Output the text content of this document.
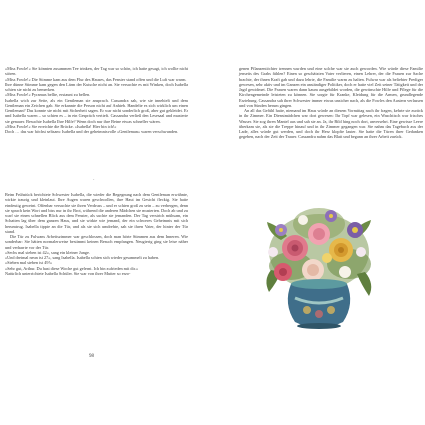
»Miss Fowle!« Sie könnten zusammen Tee trinken, der Tag war so schön, ich hatte gesagt, ich wollte nicht stören.

»Miss Fowle!« Die Stimme kam aus dem Flur des Hauses, das Fenster stand offen und die Luft war warm.

Ihre dünne Stimme kam gegen den Lärm der Kutsche nicht an. Sie versuchte es mit Winken, doch Isabella schien sie nicht zu bemerken.

»Miss Fowle!« Pyramus bellte, erstaunt zu bellen.

Isabella wich zur Seite, als ein Gentleman sie ansprach. Cassandra sah, wie sie innehielt und dem Gentleman ein Zeichen gab. Sie erkannte die Person nicht auf Anhieb. Handelte es sich wirklich um einen Gentleman? Das konnte sie nicht mit Sicherheit sagen. Er war nicht sonderlich groß, aber gut gekleidet. Er und Isabella waren – so schien es – in ein Gespräch vertieft. Cassandra verließ den Lesesaal und musterte sie genauer. Besuchte Isabella Ihre Hilfe? Wenn doch nur ihre Beine etwas schneller wären.

»Miss Fowle!« Sie erreichte die Brücke. »Isabella! Hier bin ich!«

Doch … das war höchst seltsam: Isabella und der geheimnisvolle »Gentleman« waren verschwunden.

·

Beim Frühstück berichtete Schwester Isabella, die wieder die Begegnung nach dem Gentleman erwähnte, wirkte traurig und kleinlaut. Ihre Augen waren geschwollen, ihre Haut im Gesicht fleckig. Sie hatte eindeutig geweint. Offenbar versuchte sie ihren Verdruss – und er schien groß zu sein – zu verbergen, denn sie sprach kein Wort und biss nur in ihr Brot, während die anderen Mädchen sie musterten. Doch ab und zu warf sie einen schnellen Blick aus dem Fenster, als suchte sie jemanden. Der Tag verstrich mühsam, ein Schatten lag über dem ganzen Haus, und sie wirkte wie jemand, der ein schweres Geheimnis mit sich herumtrug. Isabella tippte an die Tür, und als sie sich umdrehte, sah sie ihren Vater, der hinter der Tür stand.

Die Tür zu Fulwans Arbeitszimmer war geschlossen, doch man hörte Stimmen aus dem Inneren. Wie sonderbar: Sie hätten normalerweise bestimmt keinen Besuch empfangen. Neugierig ging sie leise näher und verharrte vor der Tür.

»Sechs mal sieben ist 42«, sang ein kleiner Junge.

»Und dreimal neun ist 27«, sang Isabella. Isabella schien sich wieder gesammelt zu haben.

»Sieben mal sieben ist 49!«

»Sehr gut, Arthur. Du hast diese Woche gut gelernt. Ich bin zufrieden mit dir.«

Natürlich unterrichtete Isabella Schüler. Sie war von ihrer Mutter so erzo-

98

genen Pflanzentöchter trennen wurden und eine solche war sie auch geworden. Wie würde diese Familie jenseits des Grabs fühlen? Einen so geschätzten Vater verlieren, einen Lehrer, der die Frauen zur Sache brachte, der ihnen Kraft gab und dazu lehrte, die Familie warm zu halten. Fulwar war als beliebter Prediger gewesen, sehr aktiv und im Ganzen ein anständiger Politiker, doch er hatte viel Zeit seiner Tätigkeit und der Jagd gewidmet. Die Frauen waren dann kaum ausgebildet worden, die gewünschte Hilfe und Pflege für die Kirchengemeinde leisteten zu können. Sie sorgte für Kranke, Kleidung für die Armen, grundlegende Erziehung. Cassandra sah ihrer Schwester immer etwas unsicher nach, als die Fowles den Austern verlassen und von Sünden herum gingen.

An all das Gefühl hatte, niemand im Haus würde an diesem Vormittag nach ihr fragen, kehrte sie zurück in ihr Zimmer. Ein Dienstmädchen war dort gewesen: Ihr Topf war gelesen, ein Waschtisch war frisches Wasser. Sie zog ihren Mantel aus und sah sie an. Ja, ihr Bild hing noch dort, unversehrt. Eine gewisse Leere überkam sie, als sie die Treppe hinauf und in ihr Zimmer gegangen war. Sie nahm das Tagebuch aus der Lade, alles würde gut werden, und doch ihr Herz klopfte lauter. Sie hatte die Türen ihrer Gedanken gegeben, nach der Zeit der Trauer. Cassandra nahm das Blatt und begann an ihrer Arbeit zurück.
